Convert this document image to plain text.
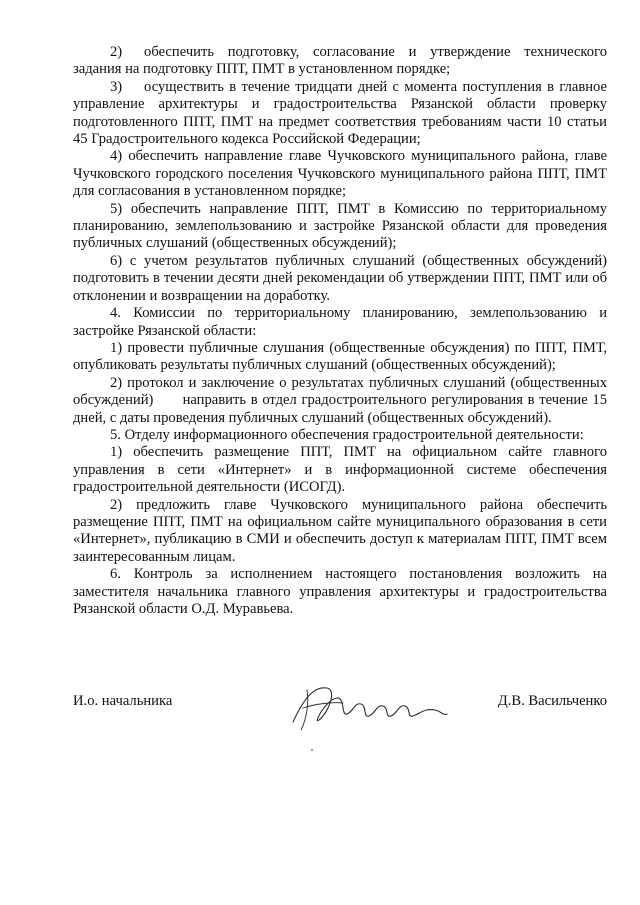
2)  обеспечить подготовку, согласование и утверждение технического задания на подготовку ППТ, ПМТ в установленном порядке;

3)  осуществить в течение тридцати дней с момента поступления в главное управление архитектуры и градостроительства Рязанской области проверку подготовленного ППТ, ПМТ на предмет соответствия требованиям части 10 статьи 45 Градостроительного кодекса Российской Федерации;

4) обеспечить направление главе Чучковского муниципального района, главе Чучковского городского поселения Чучковского муниципального района ППТ, ПМТ для согласования в установленном порядке;

5) обеспечить направление ППТ, ПМТ в Комиссию по территориальному планированию, землепользованию и застройке Рязанской области для проведения публичных слушаний (общественных обсуждений);

6) с учетом результатов публичных слушаний (общественных обсуждений) подготовить в течении десяти дней рекомендации об утверждении ППТ, ПМТ или об отклонении и возвращении на доработку.

4. Комиссии по территориальному планированию, землепользованию и застройке Рязанской области:

1) провести публичные слушания (общественные обсуждения) по ППТ, ПМТ, опубликовать результаты публичных слушаний (общественных обсуждений);

2) протокол и заключение о результатах публичных слушаний (общественных обсуждений)  направить в отдел градостроительного регулирования в течение 15 дней, с даты проведения публичных слушаний (общественных обсуждений).

5. Отделу информационного обеспечения градостроительной деятельности:

1) обеспечить размещение ППТ, ПМТ на официальном сайте главного управления в сети «Интернет» и в информационной системе обеспечения градостроительной деятельности (ИСОГД).

2) предложить главе Чучковского муниципального района обеспечить размещение ППТ, ПМТ на официальном сайте муниципального образования в сети «Интернет», публикацию в СМИ и обеспечить доступ к материалам ППТ, ПМТ всем заинтересованным лицам.

6. Контроль за исполнением настоящего постановления возложить на заместителя начальника главного управления архитектуры и градостроительства Рязанской области О.Д. Муравьева.

И.о. начальника	Д.В. Васильченко
